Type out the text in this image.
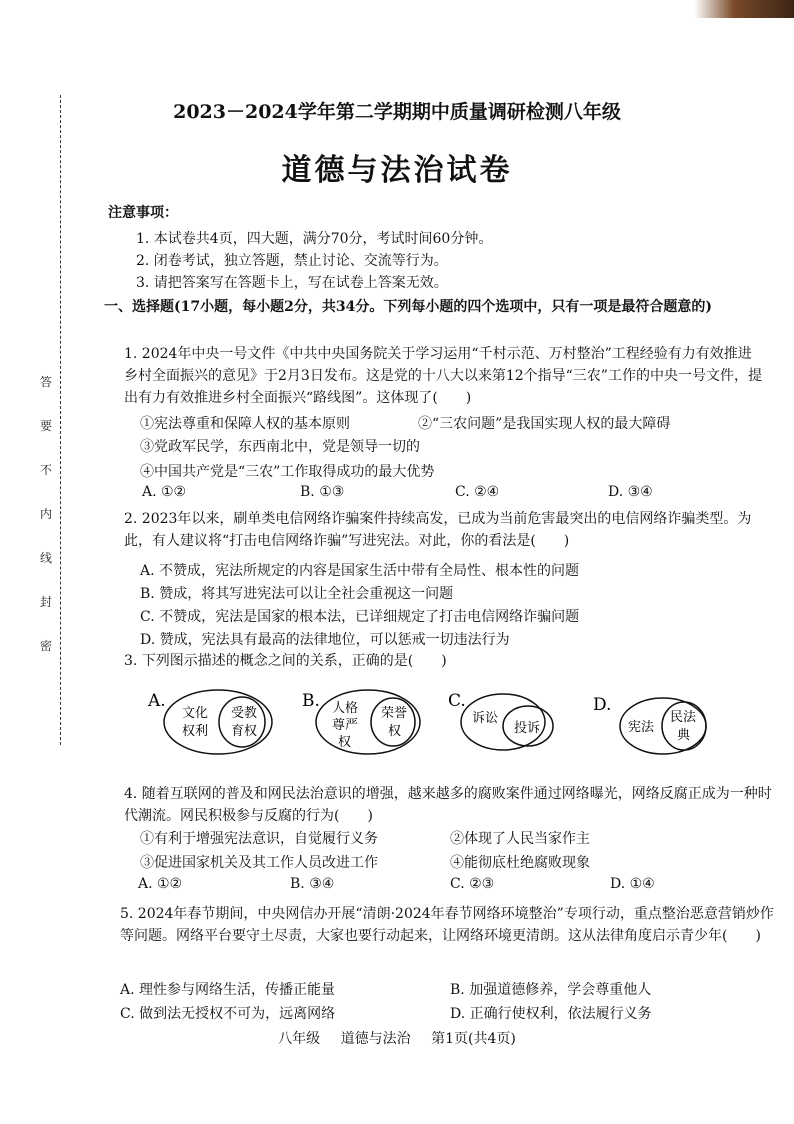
答
要
不
内
线
封
密
2023－2024学年第二学期期中质量调研检测八年级
道德与法治试卷
注意事项：
1. 本试卷共4页，四大题，满分70分，考试时间60分钟。
2. 闭卷考试，独立答题，禁止讨论、交流等行为。
3. 请把答案写在答题卡上，写在试卷上答案无效。
一、选择题(17小题，每小题2分，共34分。下列每小题的四个选项中，只有一项是最符合题意的)
1. 2024年中央一号文件《中共中央国务院关于学习运用“千村示范、万村整治”工程经验有力有效推进乡村全面振兴的意见》于2月3日发布。这是党的十八大以来第12个指导“三农”工作的中央一号文件，提出有力有效推进乡村全面振兴“路线图”。这体现了(　　)
①宪法尊重和保障人权的基本原则	②“三农问题”是我国实现人权的最大障碍
③党政军民学，东西南北中，党是领导一切的
④中国共产党是“三农”工作取得成功的最大优势
A. ①②	B. ①③	C. ②④	D. ③④
2. 2023年以来，刷单类电信网络诈骗案件持续高发，已成为当前危害最突出的电信网络诈骗类型。为此，有人建议将“打击电信网络诈骗”写进宪法。对此，你的看法是(　　)
A. 不赞成，宪法所规定的内容是国家生活中带有全局性、根本性的问题
B. 赞成，将其写进宪法可以让全社会重视这一问题
C. 不赞成，宪法是国家的根本法，已详细规定了打击电信网络诈骗问题
D. 赞成，宪法具有最高的法律地位，可以惩戒一切违法行为
3. 下列图示描述的概念之间的关系，正确的是(　　)
A.
文化
权利
受教
育权
B. 人格
尊严
权
荣誉
权
C.
诉讼
投诉
D.
宪法
民法
典
4. 随着互联网的普及和网民法治意识的增强，越来越多的腐败案件通过网络曝光，网络反腐正成为一种时代潮流。网民积极参与反腐的行为(　　)
①有利于增强宪法意识，自觉履行义务	②体现了人民当家作主
③促进国家机关及其工作人员改进工作	④能彻底杜绝腐败现象
A. ①②	B. ③④	C. ②③	D. ①④
5. 2024年春节期间，中央网信办开展“清朗·2024年春节网络环境整治”专项行动，重点整治恶意营销炒作等问题。网络平台要守土尽责，大家也要行动起来，让网络环境更清朗。这从法律角度启示青少年(　　)
A. 理性参与网络生活，传播正能量	B. 加强道德修养，学会尊重他人
C. 做到法无授权不可为，远离网络	D. 正确行使权利，依法履行义务
八年级 道德与法治 第1页(共4页)
